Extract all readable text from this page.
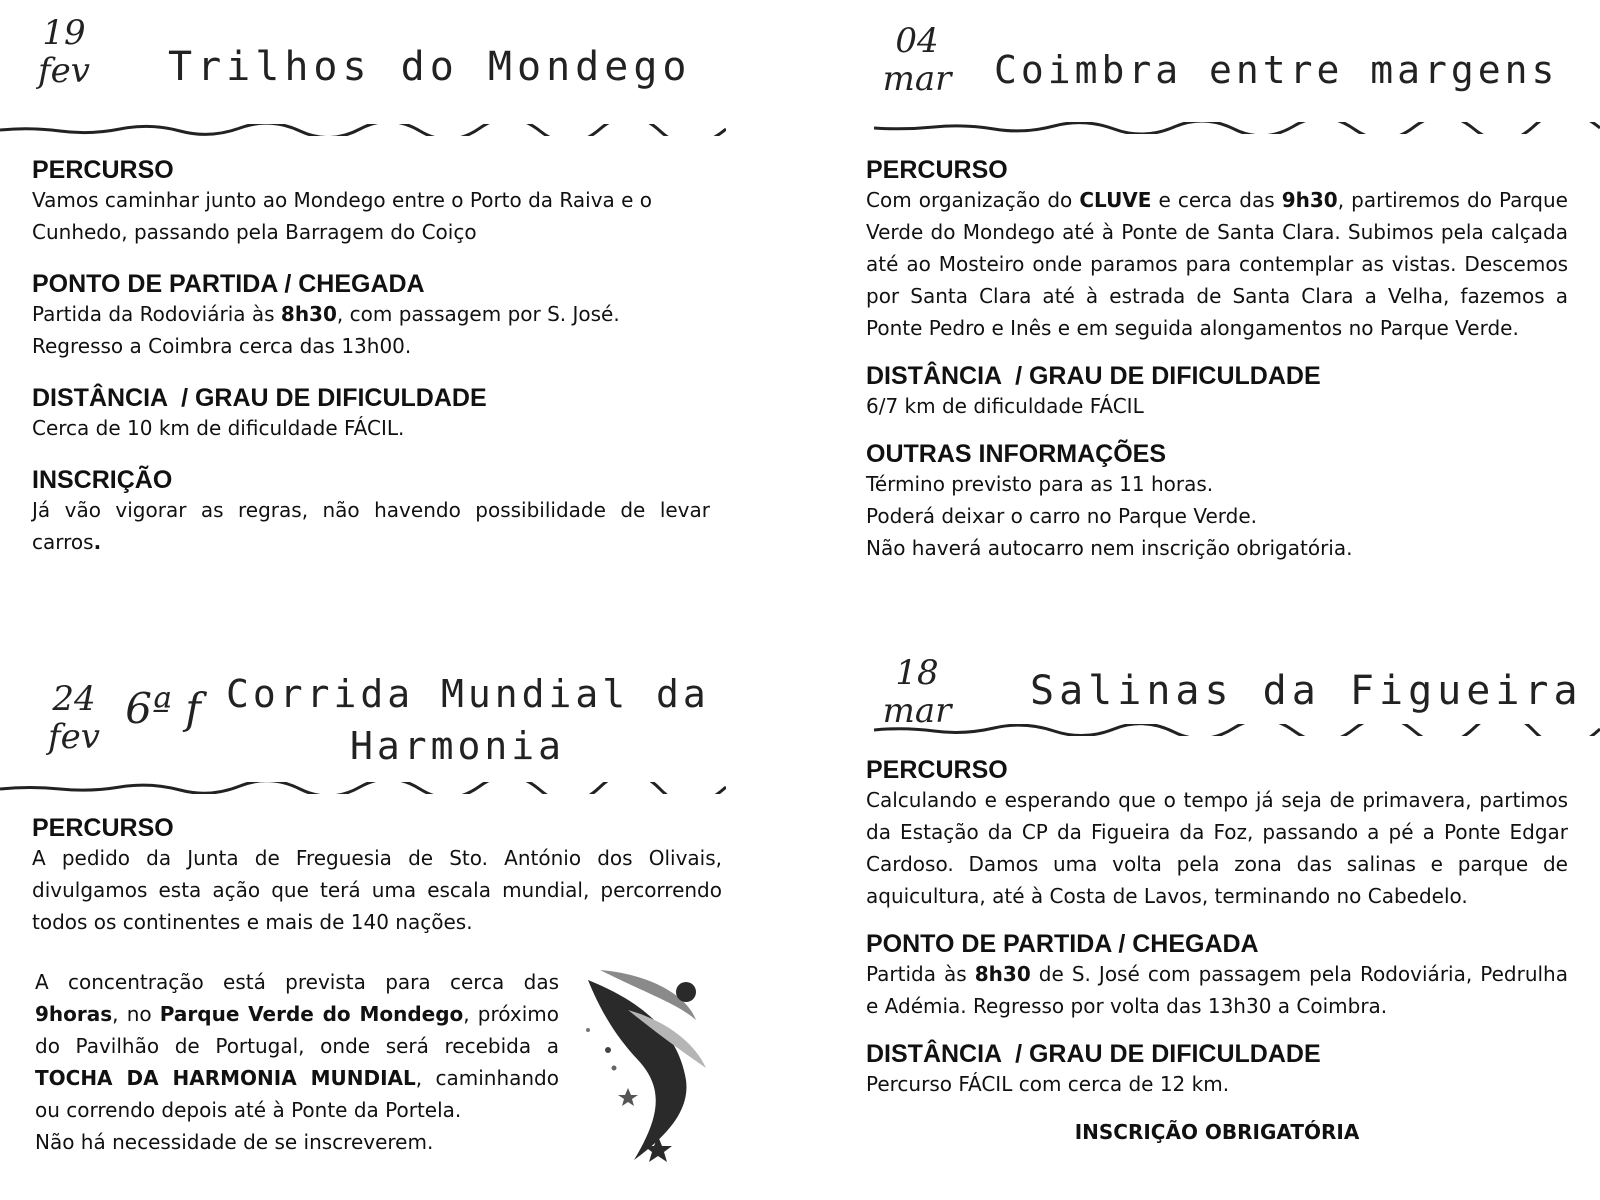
19
fev	Trilhos do Mondego
PERCURSO

Vamos caminhar junto ao Mondego entre o Porto da Raiva e o Cunhedo, passando pela Barragem do Coiço

PONTO DE PARTIDA / CHEGADA

Partida da Rodoviária às 8h30, com passagem por S. José.
Regresso a Coimbra cerca das 13h00.

DISTÂNCIA  / GRAU DE DIFICULDADE

Cerca de 10 km de dificuldade FÁCIL.

INSCRIÇÃO

Já vão vigorar as regras, não havendo possibilidade de levar carros.

04
mar Coimbra entre margens
PERCURSO

Com organização do CLUVE e cerca das 9h30, partiremos do Parque Verde do Mondego até à Ponte de Santa Clara. Subimos pela calçada até ao Mosteiro onde paramos para contemplar as vistas. Descemos por Santa Clara até à estrada de Santa Clara a Velha, fazemos a Ponte Pedro e Inês e em seguida alongamentos no Parque Verde.

DISTÂNCIA  / GRAU DE DIFICULDADE

6/7 km de dificuldade FÁCIL

OUTRAS INFORMAÇÕES

Término previsto para as 11 horas.
Poderá deixar o carro no Parque Verde.
Não haverá autocarro nem inscrição obrigatória.

24
fev
6ª f Corrida Mundial da
Harmonia
PERCURSO

A pedido da Junta de Freguesia de Sto. António dos Olivais, divulgamos esta ação que terá uma escala mundial, percorrendo todos os continentes e mais de 140 nações.

A concentração está prevista para cerca das 9horas, no Parque Verde do Mondego, próximo do Pavilhão de Portugal, onde será recebida a TOCHA DA HARMONIA MUNDIAL, caminhando ou correndo depois até à Ponte da Portela.

Não há necessidade de se inscreverem.

18
mar Salinas da Figueira
PERCURSO

Calculando e esperando que o tempo já seja de primavera, partimos da Estação da CP da Figueira da Foz, passando a pé a Ponte Edgar Cardoso. Damos uma volta pela zona das salinas e parque de aquicultura, até à Costa de Lavos, terminando no Cabedelo.

PONTO DE PARTIDA / CHEGADA

Partida às 8h30 de S. José com passagem pela Rodoviária, Pedrulha e Adémia. Regresso por volta das 13h30 a Coimbra.

DISTÂNCIA  / GRAU DE DIFICULDADE

Percurso FÁCIL com cerca de 12 km.

INSCRIÇÃO OBRIGATÓRIA
